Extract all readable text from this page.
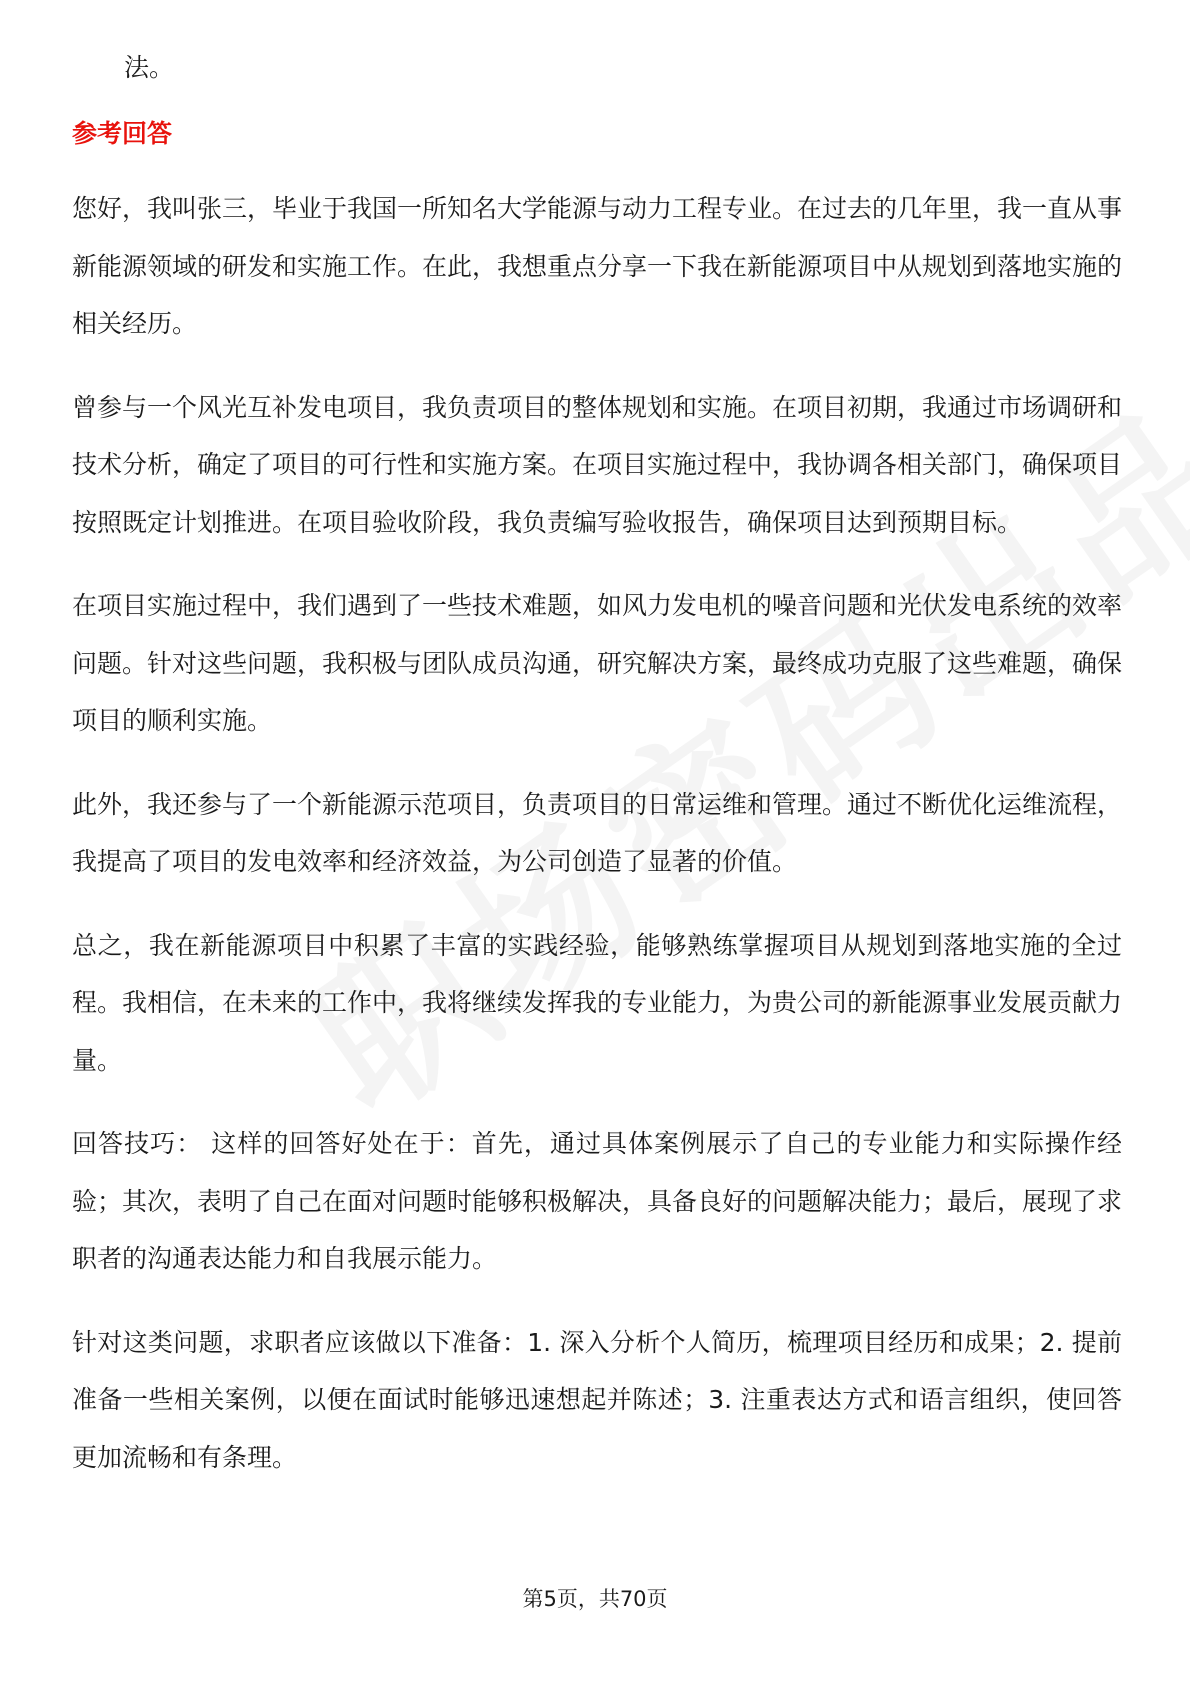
法。

参考回答

您好，我叫张三，毕业于我国一所知名大学能源与动力工程专业。在过去的几年里，我一直从事新能源领域的研发和实施工作。在此，我想重点分享一下我在新能源项目中从规划到落地实施的相关经历。

曾参与一个风光互补发电项目，我负责项目的整体规划和实施。在项目初期，我通过市场调研和技术分析，确定了项目的可行性和实施方案。在项目实施过程中，我协调各相关部门，确保项目按照既定计划推进。在项目验收阶段，我负责编写验收报告，确保项目达到预期目标。

在项目实施过程中，我们遇到了一些技术难题，如风力发电机的噪音问题和光伏发电系统的效率问题。针对这些问题，我积极与团队成员沟通，研究解决方案，最终成功克服了这些难题，确保项目的顺利实施。

此外，我还参与了一个新能源示范项目，负责项目的日常运维和管理。通过不断优化运维流程，我提高了项目的发电效率和经济效益，为公司创造了显著的价值。

总之，我在新能源项目中积累了丰富的实践经验，能够熟练掌握项目从规划到落地实施的全过程。我相信，在未来的工作中，我将继续发挥我的专业能力，为贵公司的新能源事业发展贡献力量。

回答技巧： 这样的回答好处在于：首先，通过具体案例展示了自己的专业能力和实际操作经验；其次，表明了自己在面对问题时能够积极解决，具备良好的问题解决能力；最后，展现了求职者的沟通表达能力和自我展示能力。

针对这类问题，求职者应该做以下准备：1. 深入分析个人简历，梳理项目经历和成果；2. 提前准备一些相关案例，以便在面试时能够迅速想起并陈述；3. 注重表达方式和语言组织，使回答更加流畅和有条理。

第5页，共70页
